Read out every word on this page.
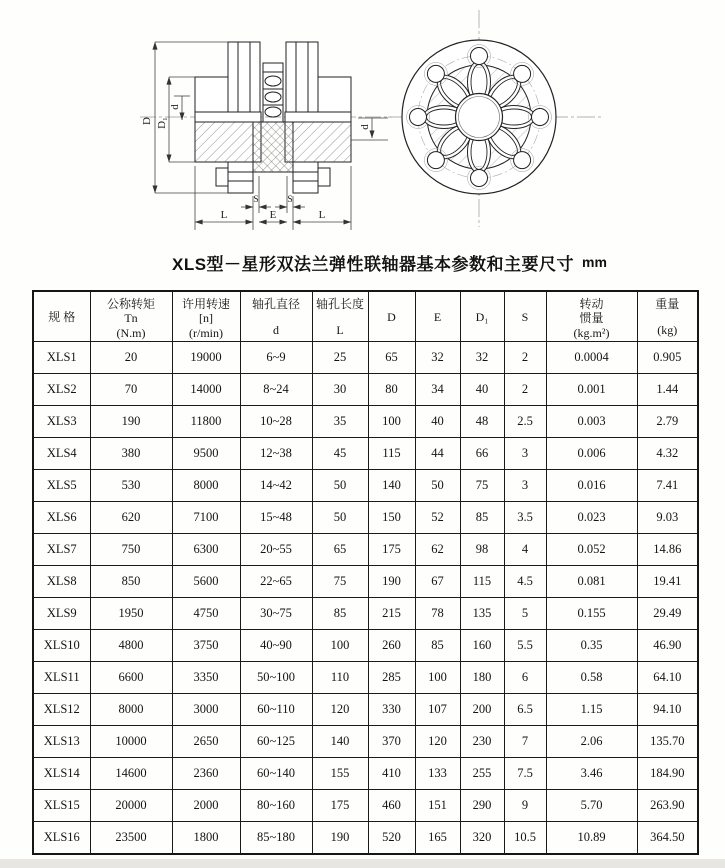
D D₁
d
d
S	S
L	E	L
XLS型－星形双法兰弹性联轴器基本参数和主要尺寸 mm
规 格

公称转矩
Tn
(N.m)

许用转速
[n]
(r/min)

轴孔直径
d

轴孔长度
L

D	E	D₁	S

转动
惯量
(kg.m²)

重量
(kg)

XLS1	20	19000	6~9	25	65	32	32	2	0.0004	0.905
XLS2	70	14000	8~24	30	80	34	40	2	0.001	1.44
XLS3	190	11800	10~28	35	100	40	48	2.5	0.003	2.79
XLS4	380	9500	12~38	45	115	44	66	3	0.006	4.32
XLS5	530	8000	14~42	50	140	50	75	3	0.016	7.41
XLS6	620	7100	15~48	50	150	52	85	3.5	0.023	9.03
XLS7	750	6300	20~55	65	175	62	98	4	0.052	14.86
XLS8	850	5600	22~65	75	190	67	115	4.5	0.081	19.41
XLS9	1950	4750	30~75	85	215	78	135	5	0.155	29.49
XLS10	4800	3750	40~90	100	260	85	160	5.5	0.35	46.90
XLS11	6600	3350	50~100	110	285	100	180	6	0.58	64.10
XLS12	8000	3000	60~110	120	330	107	200	6.5	1.15	94.10
XLS13	10000	2650	60~125	140	370	120	230	7	2.06	135.70
XLS14	14600	2360	60~140	155	410	133	255	7.5	3.46	184.90
XLS15	20000	2000	80~160	175	460	151	290	9	5.70	263.90
XLS16	23500	1800	85~180	190	520	165	320	10.5	10.89	364.50
